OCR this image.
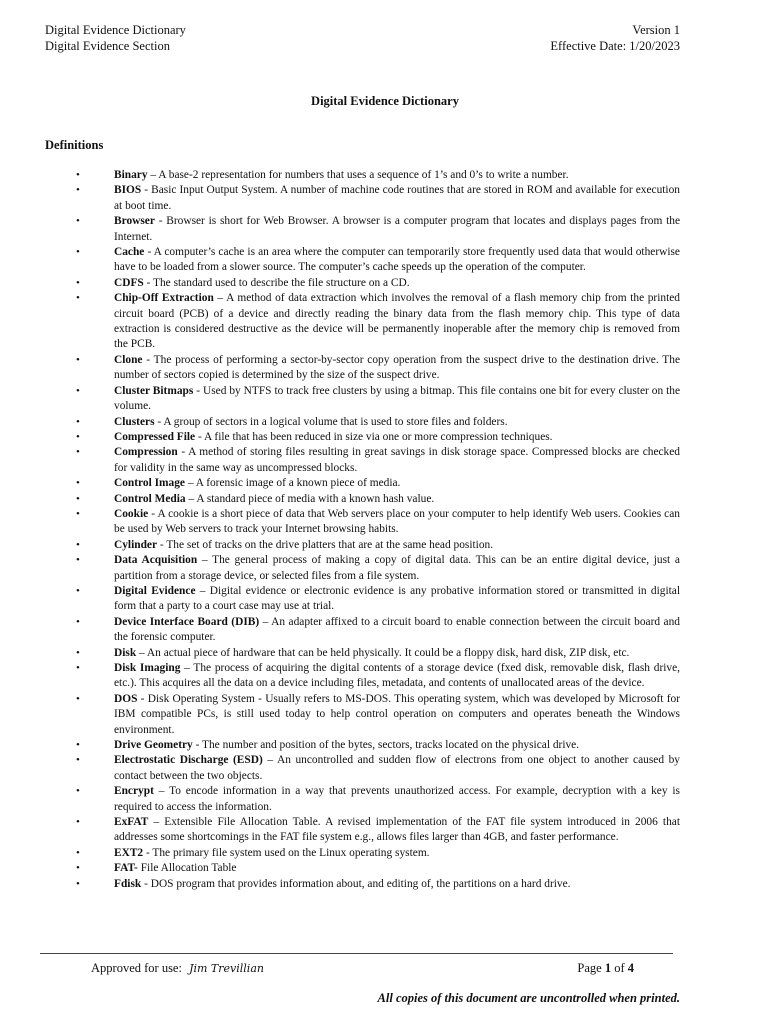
Digital Evidence Dictionary
Digital Evidence Section
Version 1
Effective Date: 1/20/2023
Digital Evidence Dictionary
Definitions
• Binary – A base-2 representation for numbers that uses a sequence of 1’s and 0’s to write a number.
• BIOS - Basic Input Output System. A number of machine code routines that are stored in ROM and available for execution at boot time.
• Browser - Browser is short for Web Browser. A browser is a computer program that locates and displays pages from the Internet.
• Cache - A computer’s cache is an area where the computer can temporarily store frequently used data that would otherwise have to be loaded from a slower source. The computer’s cache speeds up the operation of the computer.
• CDFS - The standard used to describe the file structure on a CD.
• Chip-Off Extraction – A method of data extraction which involves the removal of a flash memory chip from the printed circuit board (PCB) of a device and directly reading the binary data from the flash memory chip. This type of data extraction is considered destructive as the device will be permanently inoperable after the memory chip is removed from the PCB.
• Clone - The process of performing a sector-by-sector copy operation from the suspect drive to the destination drive. The number of sectors copied is determined by the size of the suspect drive.
• Cluster Bitmaps - Used by NTFS to track free clusters by using a bitmap. This file contains one bit for every cluster on the volume.
• Clusters - A group of sectors in a logical volume that is used to store files and folders.
• Compressed File - A file that has been reduced in size via one or more compression techniques.
• Compression - A method of storing files resulting in great savings in disk storage space. Compressed blocks are checked for validity in the same way as uncompressed blocks.
• Control Image – A forensic image of a known piece of media.
• Control Media – A standard piece of media with a known hash value.
• Cookie - A cookie is a short piece of data that Web servers place on your computer to help identify Web users. Cookies can be used by Web servers to track your Internet browsing habits.
• Cylinder - The set of tracks on the drive platters that are at the same head position.
• Data Acquisition – The general process of making a copy of digital data. This can be an entire digital device, just a partition from a storage device, or selected files from a file system.
• Digital Evidence – Digital evidence or electronic evidence is any probative information stored or transmitted in digital form that a party to a court case may use at trial.
• Device Interface Board (DIB) – An adapter affixed to a circuit board to enable connection between the circuit board and the forensic computer.
• Disk – An actual piece of hardware that can be held physically. It could be a floppy disk, hard disk, ZIP disk, etc.
• Disk Imaging – The process of acquiring the digital contents of a storage device (fxed disk, removable disk, flash drive, etc.). This acquires all the data on a device including files, metadata, and contents of unallocated areas of the device.
• DOS - Disk Operating System - Usually refers to MS-DOS. This operating system, which was developed by Microsoft for IBM compatible PCs, is still used today to help control operation on computers and operates beneath the Windows environment.
• Drive Geometry - The number and position of the bytes, sectors, tracks located on the physical drive.
• Electrostatic Discharge (ESD) – An uncontrolled and sudden flow of electrons from one object to another caused by contact between the two objects.
• Encrypt – To encode information in a way that prevents unauthorized access. For example, decryption with a key is required to access the information.
• ExFAT – Extensible File Allocation Table. A revised implementation of the FAT file system introduced in 2006 that addresses some shortcomings in the FAT file system e.g., allows files larger than 4GB, and faster performance.
• EXT2 - The primary file system used on the Linux operating system.
• FAT- File Allocation Table
• Fdisk - DOS program that provides information about, and editing of, the partitions on a hard drive.
Approved for use: Jim Trevillian	Page 1 of 4
All copies of this document are uncontrolled when printed.
